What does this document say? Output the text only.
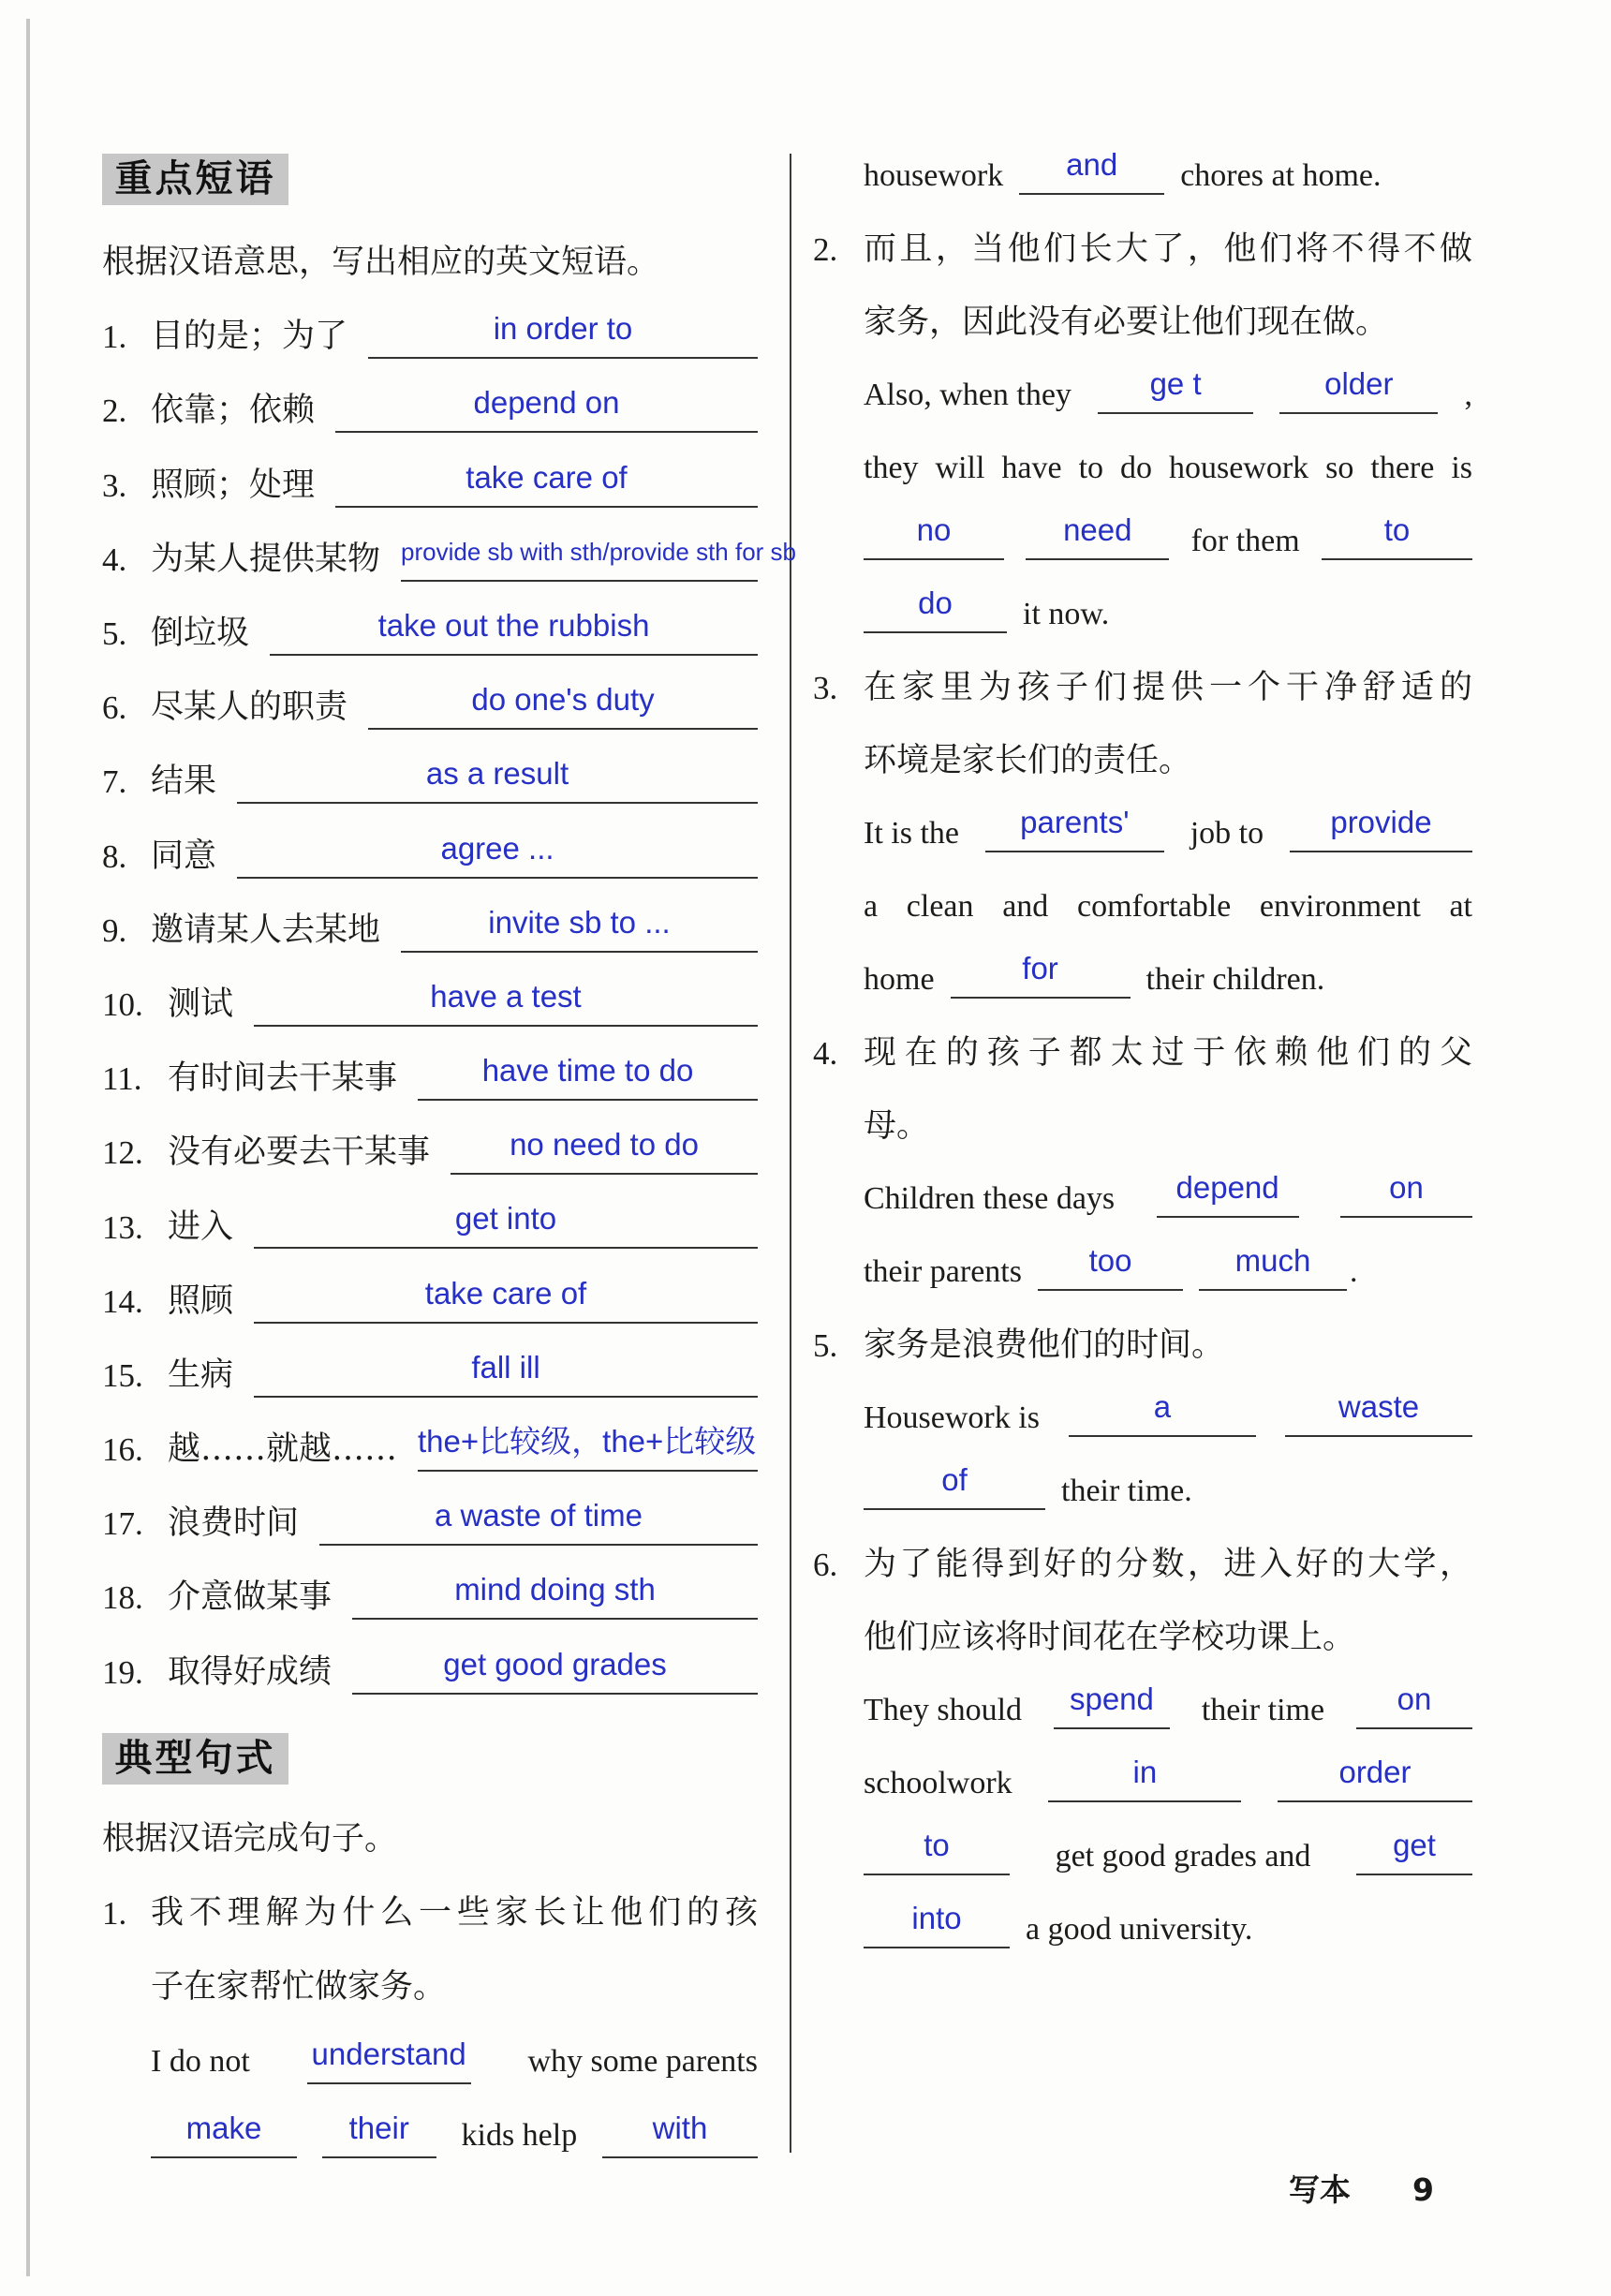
重点短语
根据汉语意思，写出相应的英文短语。
1. 目的是；为了	in order to
2. 依靠；依赖	depend on
3. 照顾；处理	take care of
4. 为某人提供某物 provide sb with sth/provide sth for sb
5. 倒垃圾	take out the rubbish
6. 尽某人的职责	do one's duty
7. 结果	as a result
8. 同意	agree ...
9. 邀请某人去某地	invite sb to ...
10. 测试	have a test
11. 有时间去干某事	have time to do
12. 没有必要去干某事	no need to do
13. 进入	get into
14. 照顾	take care of
15. 生病	fall ill
16. 越……就越…… the+比较级，the+比较级
17. 浪费时间	a waste of time
18. 介意做某事	mind doing sth
19. 取得好成绩	get good grades
典型句式
根据汉语完成句子。
1. 我不理解为什么一些家长让他们的孩
子在家帮忙做家务。
I do not	understand	why some parents
make	their	kids help	with
housework	and	chores at home.
2. 而且，当他们长大了，他们将不得不做
家务，因此没有必要让他们现在做。
Also, when they	ge t	older	,
they will have to do housework so there is
no	need	for them	to
do	it now.
3. 在家里为孩子们提供一个干净舒适的
环境是家长们的责任。
It is the	parents'	job to	provide
a clean and comfortable environment at
home	for	their children.
4. 现在的孩子都太过于依赖他们的父
母。
Children these days	depend	on
their parents	too	much	.
5. 家务是浪费他们的时间。
Housework is	a	waste
of	their time.
6. 为了能得到好的分数，进入好的大学，
他们应该将时间花在学校功课上。
They should	spend	their time	on
schoolwork	in	order
to	get good grades and	get
into	a good university.
写本 9
